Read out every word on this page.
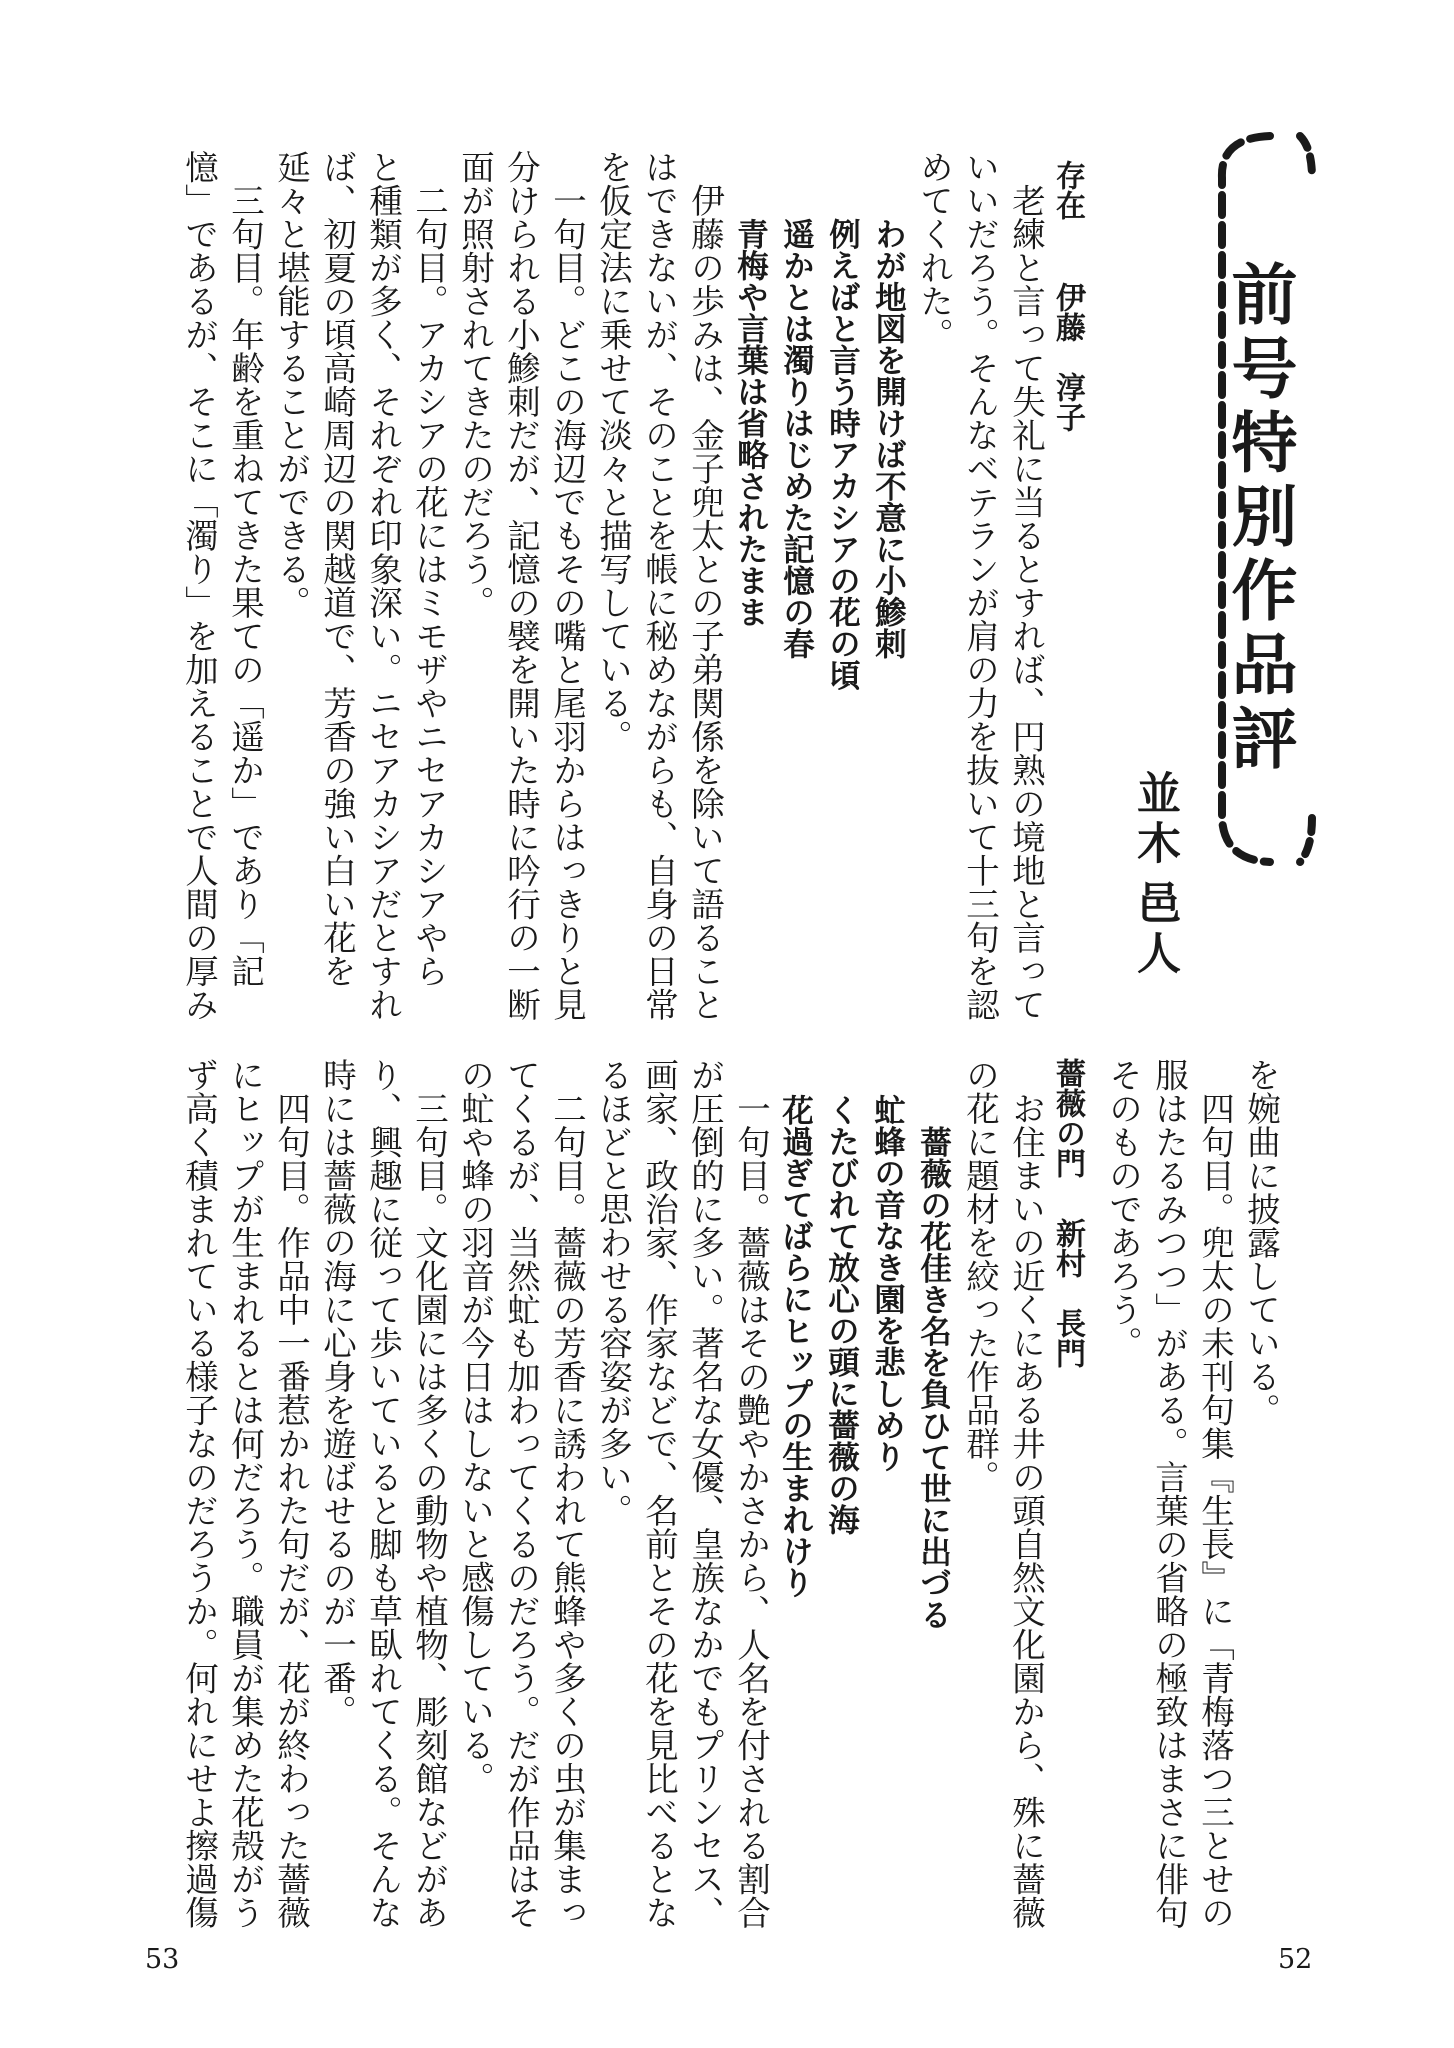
前号特別作品評
並木
邑人
存在
伊藤　淳子
　老練と言って失礼に当るとすれば、円熟の境地と言って
いいだろう。そんなベテランが肩の力を抜いて十三句を認
めてくれた。
わが地図を開けば不意に小鯵刺
例えばと言う時アカシアの花の頃
遥かとは濁りはじめた記憶の春
青梅や言葉は省略されたまま
　伊藤の歩みは、金子兜太との子弟関係を除いて語ること
はできないが、そのことを帳に秘めながらも、自身の日常
を仮定法に乗せて淡々と描写している。
を婉曲に披露している。
　四句目。兜太の未刊句集『生長』に「青梅落つ三とせの
服はたるみつつ」がある。言葉の省略の極致はまさに俳句
そのものであろう。
薔薇の門
新村　長門
　お住まいの近くにある井の頭自然文化園から、殊に薔薇
の花に題材を絞った作品群。
薔薇の花佳き名を負ひて世に出づる
虻蜂の音なき園を悲しめり
くたびれて放心の頭に薔薇の海
花過ぎてばらにヒップの生まれけり
　一句目。薔薇はその艶やかさから、人名を付される割合
が圧倒的に多い。著名な女優、皇族なかでもプリンセス、
画家、政治家、作家などで、名前とその花を見比べるとな
るほどと思わせる容姿が多い。
　二句目。薔薇の芳香に誘われて熊蜂や多くの虫が集まっ
てくるが、当然虻も加わってくるのだろう。だが作品はそ
の虻や蜂の羽音が今日はしないと感傷している。
　三句目。文化園には多くの動物や植物、彫刻館などがあ
り、興趣に従って歩いていると脚も草臥れてくる。そんな
時には薔薇の海に心身を遊ばせるのが一番。
　四句目。作品中一番惹かれた句だが、花が終わった薔薇
にヒップが生まれるとは何だろう。職員が集めた花殻がう
ず高く積まれている様子なのだろうか。何れにせよ擦過傷
　一句目。どこの海辺でもその嘴と尾羽からはっきりと見
分けられる小鯵刺だが、記憶の襞を開いた時に吟行の一断
面が照射されてきたのだろう。
　二句目。アカシアの花にはミモザやニセアカシアやら
と種類が多く、それぞれ印象深い。ニセアカシアだとすれ
ば、初夏の頃高崎周辺の関越道で、芳香の強い白い花を
延々と堪能することができる。
　三句目。年齢を重ねてきた果ての「遥か」であり「記
憶」であるが、そこに「濁り」を加えることで人間の厚み
52
53
